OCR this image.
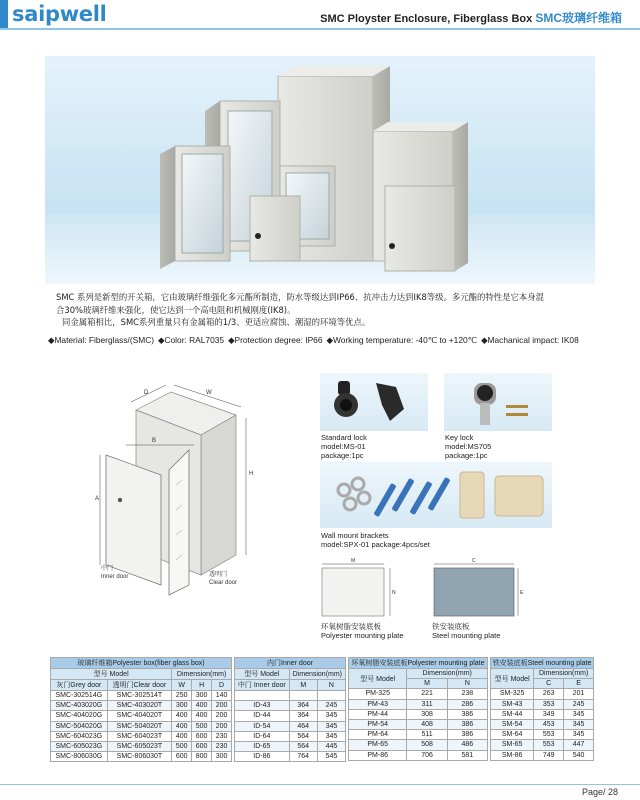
saipwell	SMC Ployster Enclosure, Fiberglass Box SMC玻璃纤维箱

SMC 系列是新型的开关箱，它由玻璃纤维强化多元酯所制造，防水等级达到IP66、抗冲击力达到IK8等级。多元酯的特性是它本身混

合30%玻璃纤维来强化，使它达到一个高电阻和机械刚度(IK8)。

同金属箱相比，SMC系列重量只有金属箱的1/3、更适应腐蚀、潮湿的环境等优点。

◆Material: Fiberglass/(SMC) ◆Color: RAL7035 ◆Protection degree: IP66 ◆Working temperature: -40℃ to +120℃ ◆Machanical impact: IK08
D	W
B
H
A
中门
Inner door	透明门
Clear door
Standard lock
model:MS-01
package:1pc
Key lock
model:MS705
package:1pc
Wall mount brackets
model:SPX-01 package:4pcs/set
M
N
环氧树脂安装底板
Polyester mounting plate
C
E
铁安装底板
Steel mounting plate
玻璃纤维箱Polyester box(fiber glass box)				
型号 Model		Dimension(mm)		
灰门Grey door	透明门Clear door	W	H	D
SMC-302514G	SMC-302514T	250	300	140
SMC-403020G	SMC-403020T	300	400	200
SMC-404020G	SMC-404020T	400	400	200
SMC-504020G	SMC-504020T	400	500	200
SMC-604023G	SMC-604023T	400	600	230
SMC-605023G	SMC-605023T	500	600	230
SMC-806030G	SMC-806030T	600	800	300
内门Inner door		
型号 Model	Dimension(mm)	
中门 Inner door	M	N

ID-43	364	245
ID-44	364	345
ID-54	464	345
ID-64	564	345
ID-65	564	445
ID-86	764	545
环氧树脂安装底板Polyester mounting plate		
型号 Model	Dimension(mm)	
	M	N
PM-325	221	238
PM-43	311	286
PM-44	308	386
PM-54	408	386
PM-64	511	386
PM-65	508	486
PM-86	706	581
铁安装底板Steel mounting plate		
型号 Model	Dimension(mm)	
	C	E
SM-325	263	201
SM-43	353	245
SM-44	349	345
SM-54	453	345
SM-64	553	345
SM-65	553	447
SM-86	749	540
Page/ 28
